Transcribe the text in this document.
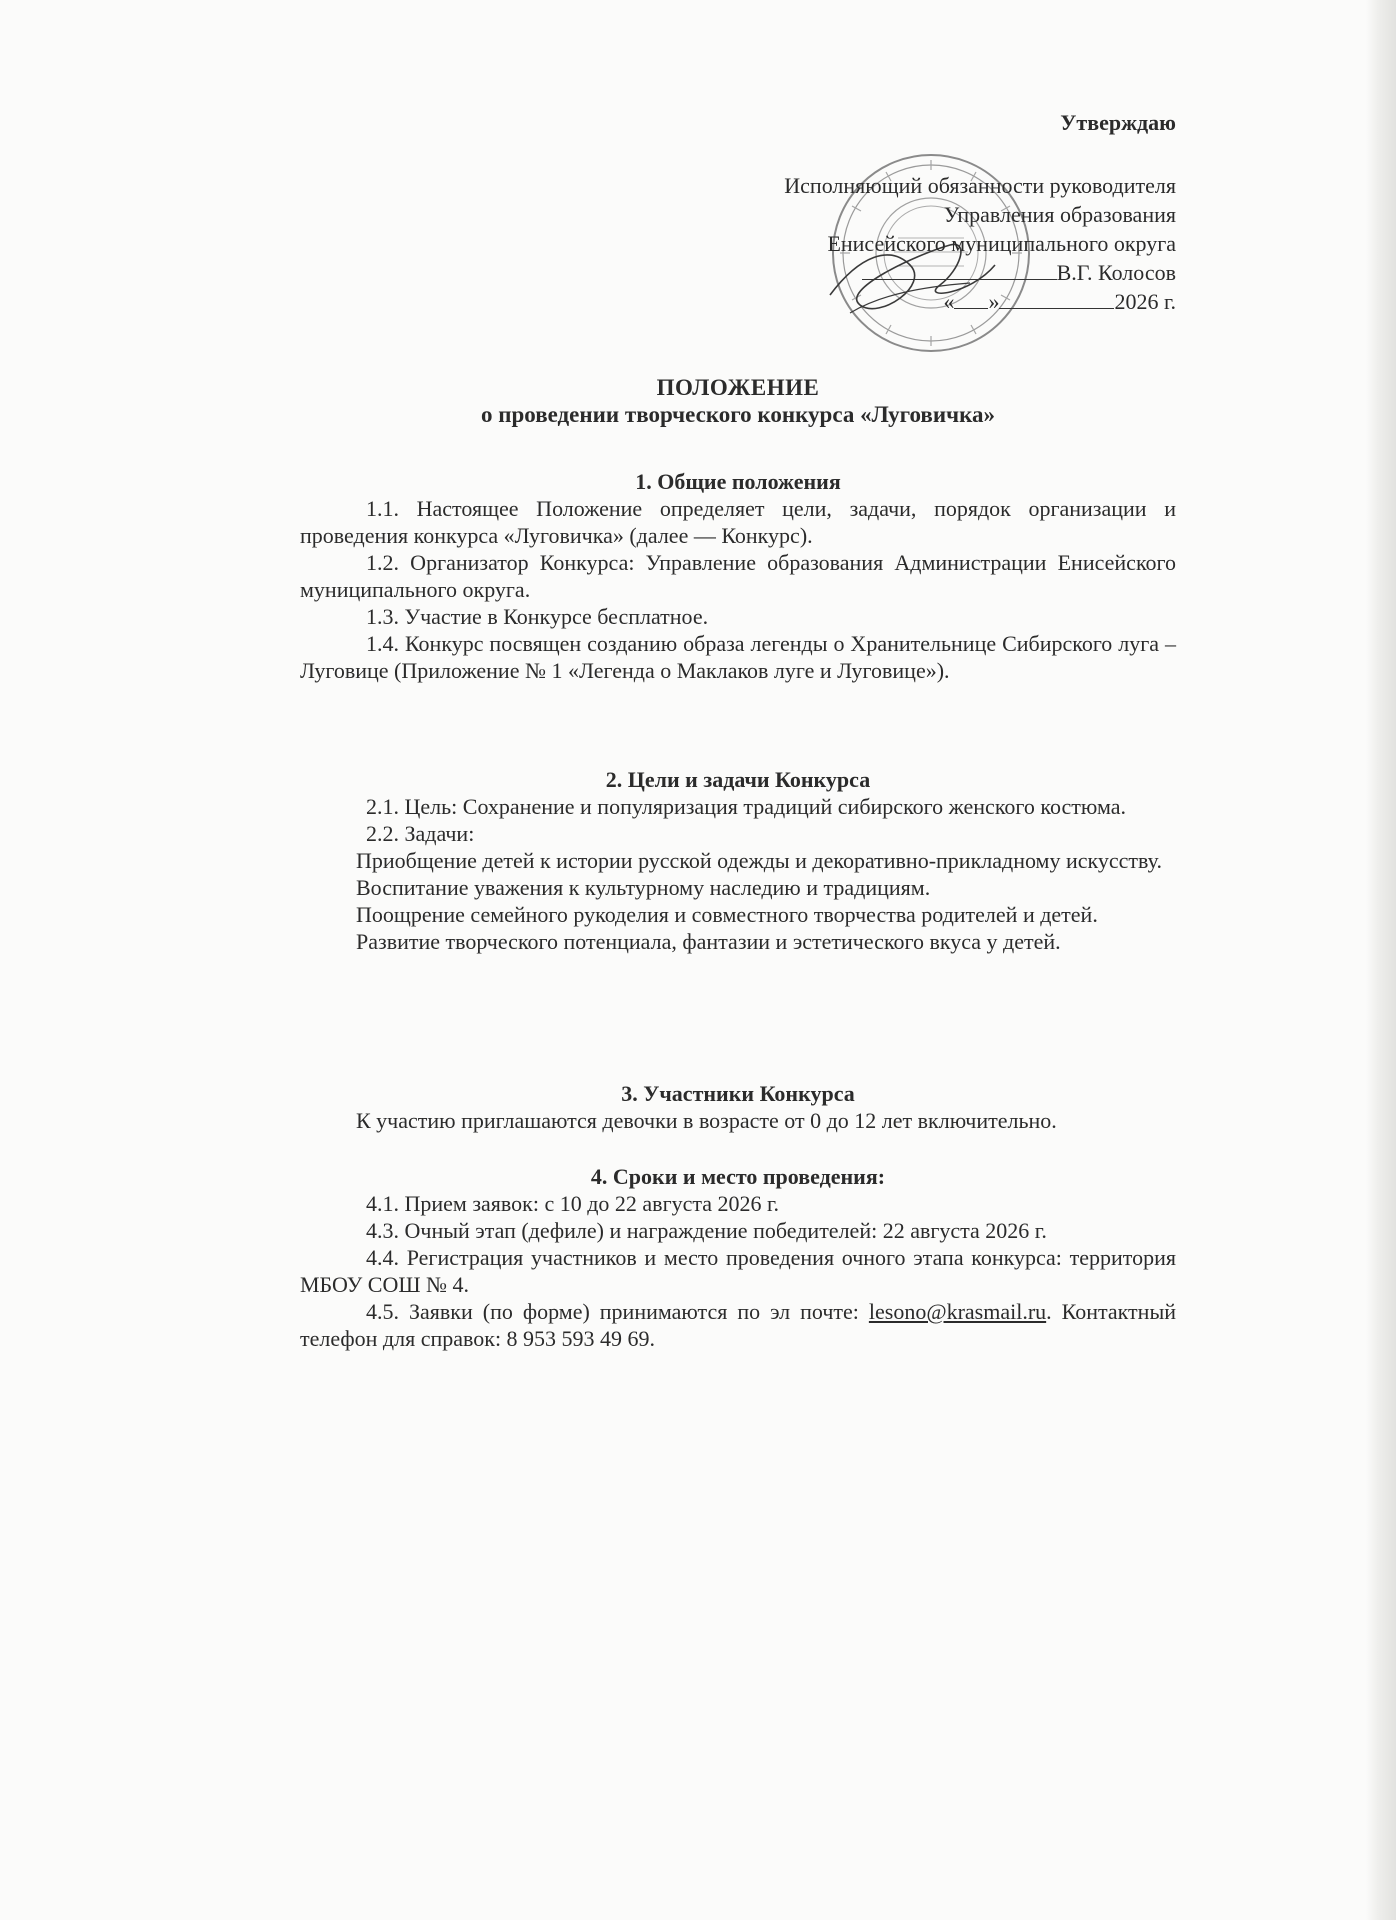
Утверждаю
Исполняющий обязанности руководителя
Управления образования
Енисейского муниципального округа
В.Г. Колосов
« »	2026 г.
ПОЛОЖЕНИЕ
о проведении творческого конкурса «Луговичка»
1. Общие положения

1.1. Настоящее Положение определяет цели, задачи, порядок организации и проведения конкурса «Луговичка» (далее — Конкурс).

1.2. Организатор Конкурса: Управление образования Администрации Енисейского муниципального округа.

1.3. Участие в Конкурсе бесплатное.

1.4. Конкурс посвящен созданию образа легенды о Хранительнице Сибирского луга –Луговице (Приложение № 1 «Легенда о Маклаков луге и Луговице»).

2. Цели и задачи Конкурса

2.1. Цель: Сохранение и популяризация традиций сибирского женского костюма.

2.2. Задачи:

Приобщение детей к истории русской одежды и декоративно-прикладному искусству.

Воспитание уважения к культурному наследию и традициям.

Поощрение семейного рукоделия и совместного творчества родителей и детей.

Развитие творческого потенциала, фантазии и эстетического вкуса у детей.

3. Участники Конкурса

К участию приглашаются девочки в возрасте от 0 до 12 лет включительно.

4. Сроки и место проведения:

4.1. Прием заявок: с 10 до 22 августа 2026 г.

4.3. Очный этап (дефиле) и награждение победителей: 22 августа 2026 г.

4.4. Регистрация участников и место проведения очного этапа конкурса: территория МБОУ СОШ № 4.

4.5. Заявки (по форме) принимаются по эл почте: lesono@krasmail.ru. Контактный телефон для справок: 8 953 593 49 69.
